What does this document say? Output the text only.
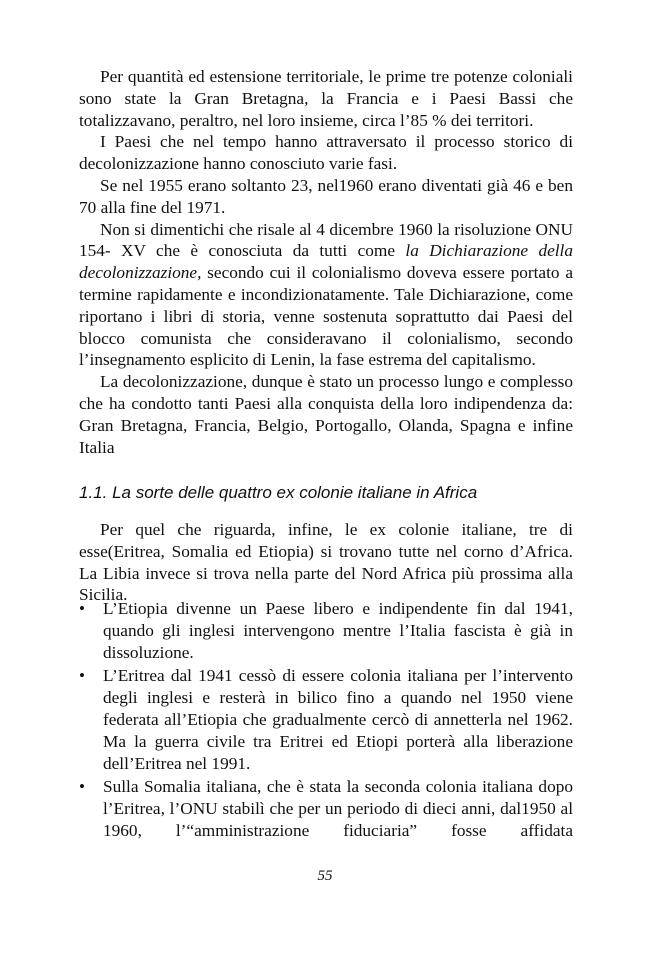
Per quantità ed estensione territoriale, le prime tre potenze coloniali sono state la Gran Bretagna, la Francia e i Paesi Bassi che totalizzavano, peraltro, nel loro insieme, circa l’85 % dei territori.

I Paesi che nel tempo hanno attraversato il processo storico di decolonizzazione hanno conosciuto varie fasi.

Se nel 1955 erano soltanto 23, nel1960 erano diventati già 46 e ben 70 alla fine del 1971.

Non si dimentichi che risale al 4 dicembre 1960 la risoluzione ONU 154- XV che è conosciuta da tutti come la Dichiarazione della decolonizzazione, secondo cui il colonialismo doveva essere portato a termine rapidamente e incondizionatamente. Tale Dichiarazione, come riportano i libri di storia, venne sostenuta soprattutto dai Paesi del blocco comunista che consideravano il colonialismo, secondo l’insegnamento esplicito di Lenin, la fase estrema del capitalismo.

La decolonizzazione, dunque è stato un processo lungo e complesso che ha condotto tanti Paesi alla conquista della loro indipendenza da: Gran Bretagna, Francia, Belgio, Portogallo, Olanda, Spagna e infine Italia

1.1. La sorte delle quattro ex colonie italiane in Africa

Per quel che riguarda, infine, le ex colonie italiane, tre di esse(Eritrea, Somalia ed Etiopia) si trovano tutte nel corno d’Africa. La Libia invece si trova nella parte del Nord Africa più prossima alla Sicilia.

• L’Etiopia divenne un Paese libero e indipendente fin dal 1941, quando gli inglesi intervengono mentre l’Italia fascista è già in dissoluzione.
• L’Eritrea dal 1941 cessò di essere colonia italiana per l’intervento degli inglesi e resterà in bilico fino a quando nel 1950 viene federata all’Etiopia che gradualmente cercò di annetterla nel 1962. Ma la guerra civile tra Eritrei ed Etiopi porterà alla liberazione dell’Eritrea nel 1991.
• Sulla Somalia italiana, che è stata la seconda colonia italiana dopo l’Eritrea, l’ONU stabilì che per un periodo di dieci anni, dal1950 al 1960, l’“amministrazione fiduciaria” fosse affidata
55
